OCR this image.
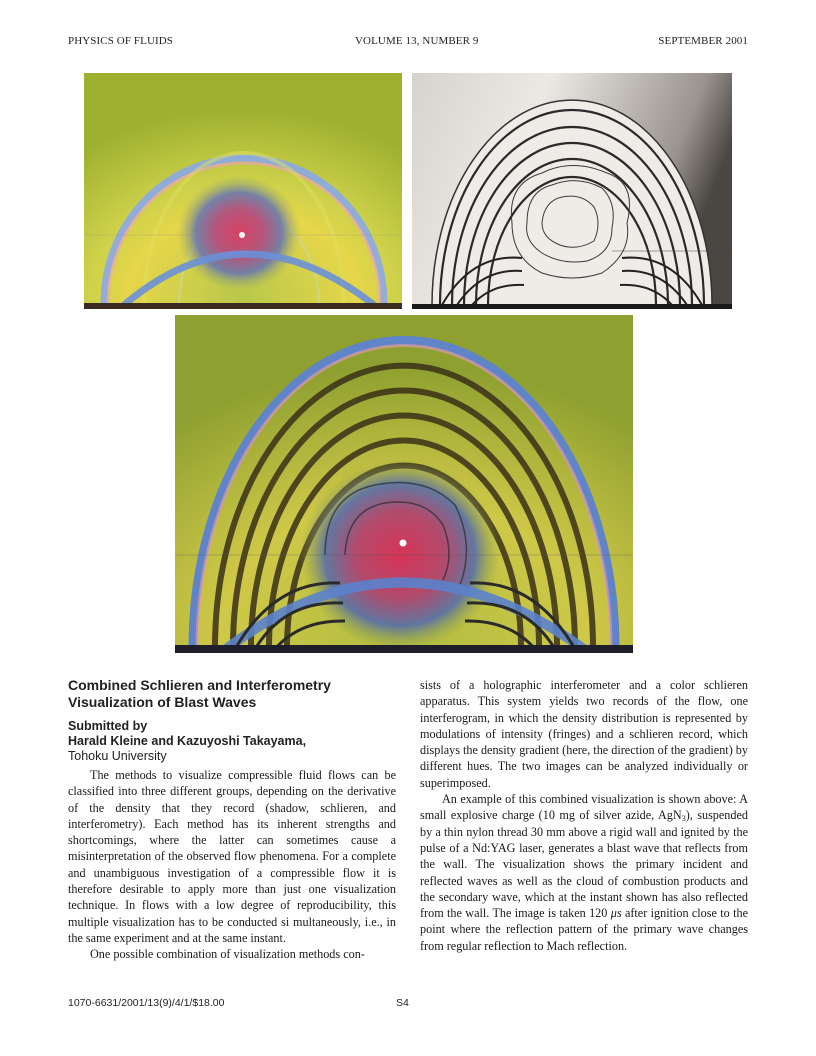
PHYSICS OF FLUIDS	VOLUME 13, NUMBER 9	SEPTEMBER 2001
Combined Schlieren and Interferometry Visualization of Blast Waves
Submitted by
Harald Kleine and Kazuyoshi Takayama,
Tohoku University

The methods to visualize compressible fluid flows can be classified into three different groups, depending on the derivative of the density that they record (shadow, schlieren, and interferometry). Each method has its inherent strengths and shortcomings, where the latter can sometimes cause a misinterpretation of the observed flow phenomena. For a complete and unambiguous investigation of a compressible flow it is therefore desirable to apply more than just one visualization technique. In flows with a low degree of reproducibility, this multiple visualization has to be conducted si multaneously, i.e., in the same experiment and at the same instant.

One possible combination of visualization methods con-

sists of a holographic interferometer and a color schlieren apparatus. This system yields two records of the flow, one interferogram, in which the density distribution is represented by modulations of intensity (fringes) and a schlieren record, which displays the density gradient (here, the direction of the gradient) by different hues. The two images can be analyzed individually or superimposed.

An example of this combined visualization is shown above: A small explosive charge (10 mg of silver azide, AgN$_3$), suspended by a thin nylon thread 30 mm above a rigid wall and ignited by the pulse of a Nd:YAG laser, generates a blast wave that reflects from the wall. The visualization shows the primary incident and reflected waves as well as the cloud of combustion products and the secondary wave, which at the instant shown has also reflected from the wall. The image is taken 120 μs after ignition close to the point where the reflection pattern of the primary wave changes from regular reflection to Mach reflection.

1070-6631/2001/13(9)/4/1/$18.00	S4
